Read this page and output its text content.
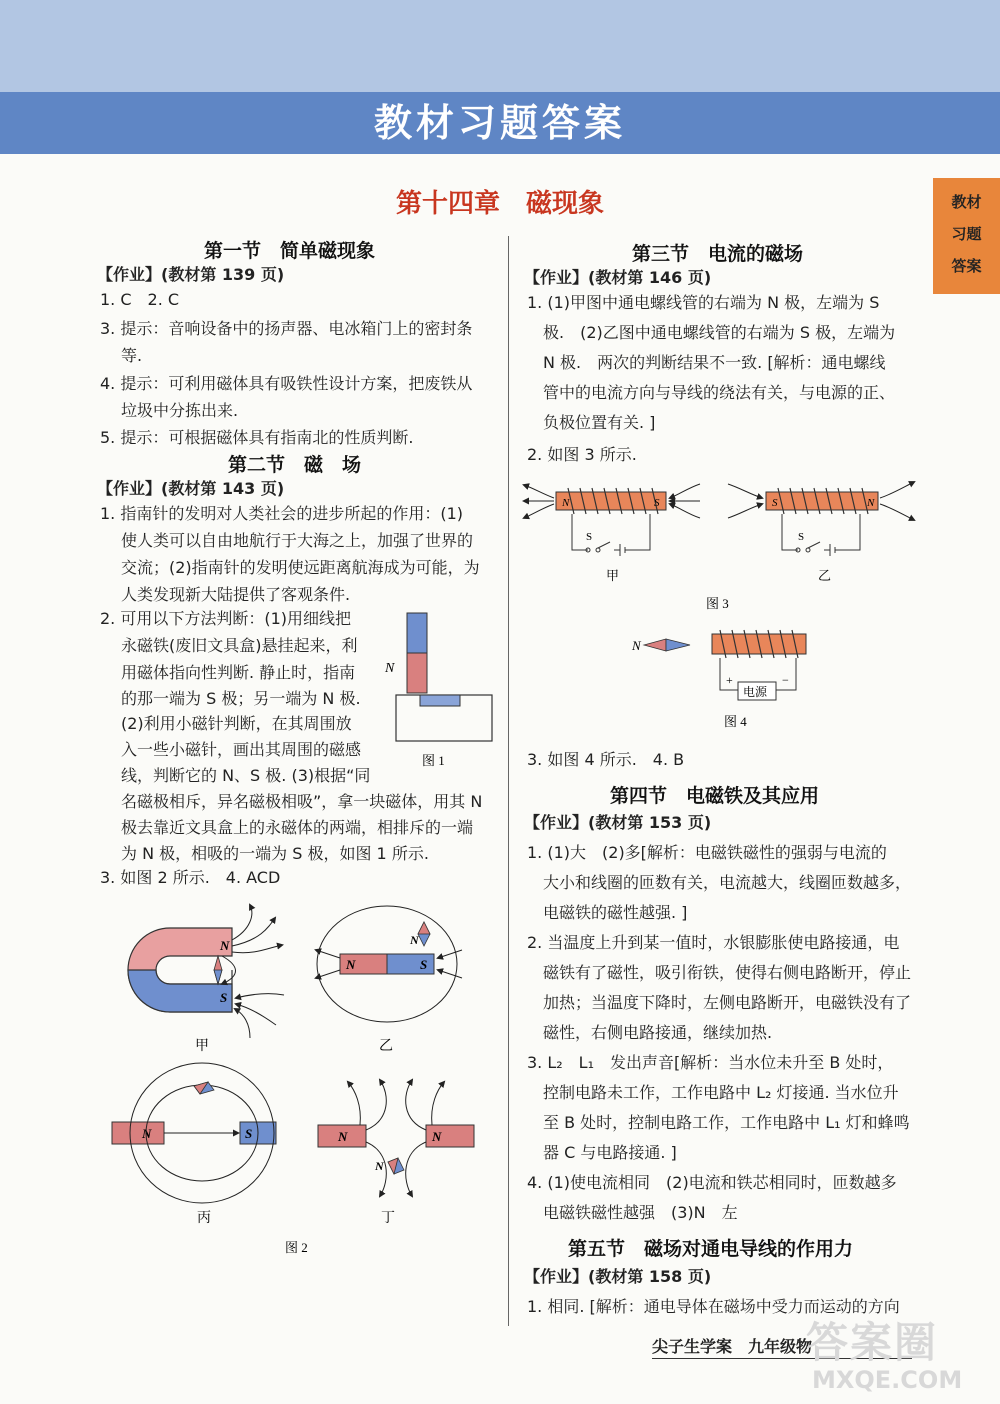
教材习题答案
教材
习题
答案
第十四章　磁现象
第一节　简单磁现象
【作业】(教材第 139 页)
1. C　2. C
3. 提示：音响设备中的扬声器、电冰箱门上的密封条
等.
4. 提示：可利用磁体具有吸铁性设计方案，把废铁从
垃圾中分拣出来.
5. 提示：可根据磁体具有指南北的性质判断.
第二节　磁　场
【作业】(教材第 143 页)
1. 指南针的发明对人类社会的进步所起的作用：(1)
使人类可以自由地航行于大海之上，加强了世界的
交流；(2)指南针的发明使远距离航海成为可能，为
人类发现新大陆提供了客观条件.
2. 可用以下方法判断：(1)用细线把
永磁铁(废旧文具盒)悬挂起来，利
用磁体指向性判断. 静止时，指南
的那一端为 S 极；另一端为 N 极.
(2)利用小磁针判断，在其周围放
入一些小磁针，画出其周围的磁感
线，判断它的 N、S 极. (3)根据“同
名磁极相斥，异名磁极相吸”，拿一块磁体，用其 N
极去靠近文具盒上的永磁体的两端，相排斥的一端
为 N 极，相吸的一端为 S 极，如图 1 所示.
3. 如图 2 所示.　4. ACD
N
图 1
N
S
甲
N	S
N
乙
N	S
丙
N	N
N
丁
图 2
第三节　电流的磁场
【作业】(教材第 146 页)
1. (1)甲图中通电螺线管的右端为 N 极，左端为 S
极.　(2)乙图中通电螺线管的右端为 S 极，左端为
N 极.　两次的判断结果不一致. [解析：通电螺线
管中的电流方向与导线的绕法有关，与电源的正、
负极位置有关. ]
2. 如图 3 所示.
N	S
S
甲
S	N
S
乙
图 3
N
电源
+	−
图 4
3. 如图 4 所示.　4. B
第四节　电磁铁及其应用
【作业】(教材第 153 页)
1. (1)大　(2)多[解析：电磁铁磁性的强弱与电流的
大小和线圈的匝数有关，电流越大，线圈匝数越多，
电磁铁的磁性越强. ]
2. 当温度上升到某一值时，水银膨胀使电路接通，电
磁铁有了磁性，吸引衔铁，使得右侧电路断开，停止
加热；当温度下降时，左侧电路断开，电磁铁没有了
磁性，右侧电路接通，继续加热.
3. L₂　L₁　发出声音[解析：当水位未升至 B 处时，
控制电路未工作，工作电路中 L₂ 灯接通. 当水位升
至 B 处时，控制电路工作，工作电路中 L₁ 灯和蜂鸣
器 C 与电路接通. ]
4. (1)使电流相同　(2)电流和铁芯相同时，匝数越多
电磁铁磁性越强　(3)N　左
第五节　磁场对通电导线的作用力
【作业】(教材第 158 页)
1. 相同. [解析：通电导体在磁场中受力而运动的方向
尖子生学案　九年级物
答案圈
MXQE.COM
